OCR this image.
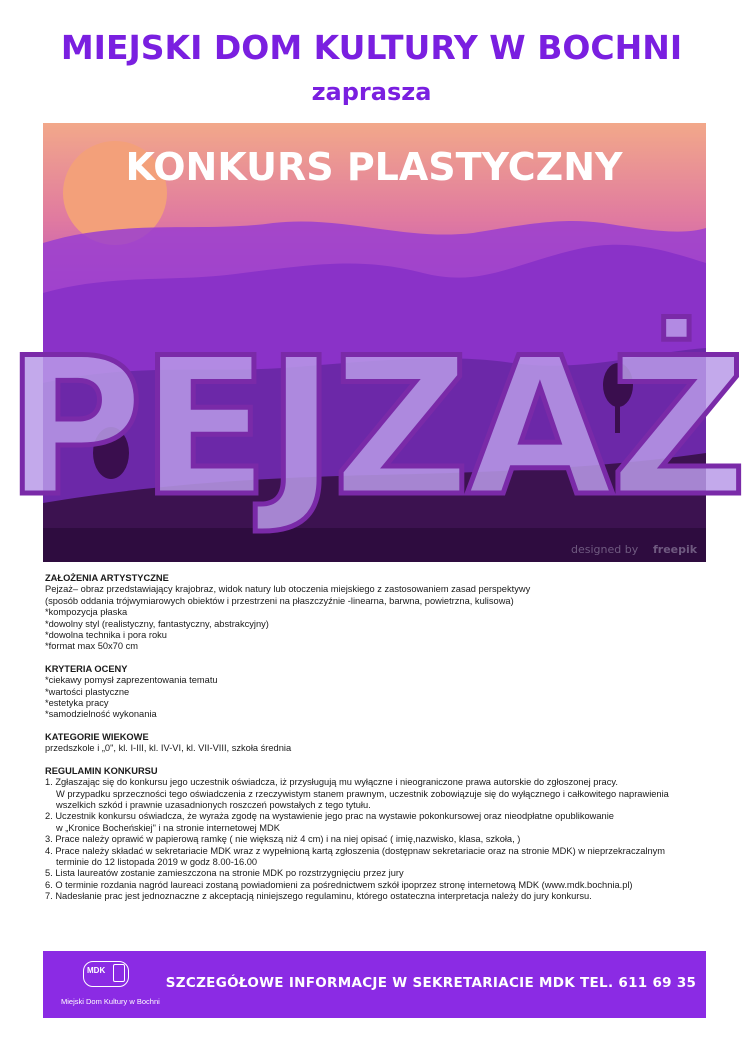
MIEJSKI DOM KULTURY W BOCHNI
zaprasza
KONKURS PLASTYCZNY
PEJZAŻ
designed by freepik
ZAŁOŻENIA ARTYSTYCZNE
Pejzaż– obraz przedstawiający krajobraz, widok natury lub otoczenia miejskiego z zastosowaniem zasad perspektywy
(sposób oddania trójwymiarowych obiektów i przestrzeni na płaszczyźnie -linearna, barwna, powietrzna, kulisowa)
*kompozycja płaska
*dowolny styl (realistyczny, fantastyczny, abstrakcyjny)
*dowolna technika i pora roku
*format max 50x70 cm
KRYTERIA OCENY
*ciekawy pomysł zaprezentowania tematu
*wartości plastyczne
*estetyka pracy
*samodzielność wykonania
KATEGORIE WIEKOWE
przedszkole i „0", kl. I-III, kl. IV-VI, kl. VII-VIII, szkoła średnia
REGULAMIN KONKURSU
1. Zgłaszając się do konkursu jego uczestnik oświadcza, iż przysługują mu wyłączne i nieograniczone prawa autorskie do zgłoszonej pracy.
W przypadku sprzeczności tego oświadczenia z rzeczywistym stanem prawnym, uczestnik zobowiązuje się do wyłącznego i całkowitego naprawienia
wszelkich szkód i prawnie uzasadnionych roszczeń powstałych z tego tytułu.
2. Uczestnik konkursu oświadcza, że wyraża zgodę na wystawienie jego prac na wystawie pokonkursowej oraz nieodpłatne opublikowanie
w „Kronice Bocheńskiej" i na stronie internetowej MDK
3. Prace należy oprawić w papierową ramkę ( nie większą niż 4 cm) i na niej opisać ( imię,nazwisko, klasa, szkoła, )
4. Prace należy składać w sekretariacie MDK wraz z wypełnioną kartą zgłoszenia (dostępnaw sekretariacie oraz na stronie MDK) w nieprzekraczalnym
terminie do 12 listopada 2019 w godz 8.00-16.00
5. Lista laureatów zostanie zamieszczona na stronie MDK po rozstrzygnięciu przez jury
6. O terminie rozdania nagród laureaci zostaną powiadomieni za pośrednictwem szkół ipoprzez stronę internetową MDK (www.mdk.bochnia.pl)
7. Nadesłanie prac jest jednoznaczne z akceptacją niniejszego regulaminu, którego ostateczna interpretacja należy do jury konkursu.
MDK
Miejski Dom Kultury w Bochni
SZCZEGÓŁOWE INFORMACJE W SEKRETARIACIE MDK TEL. 611 69 35
